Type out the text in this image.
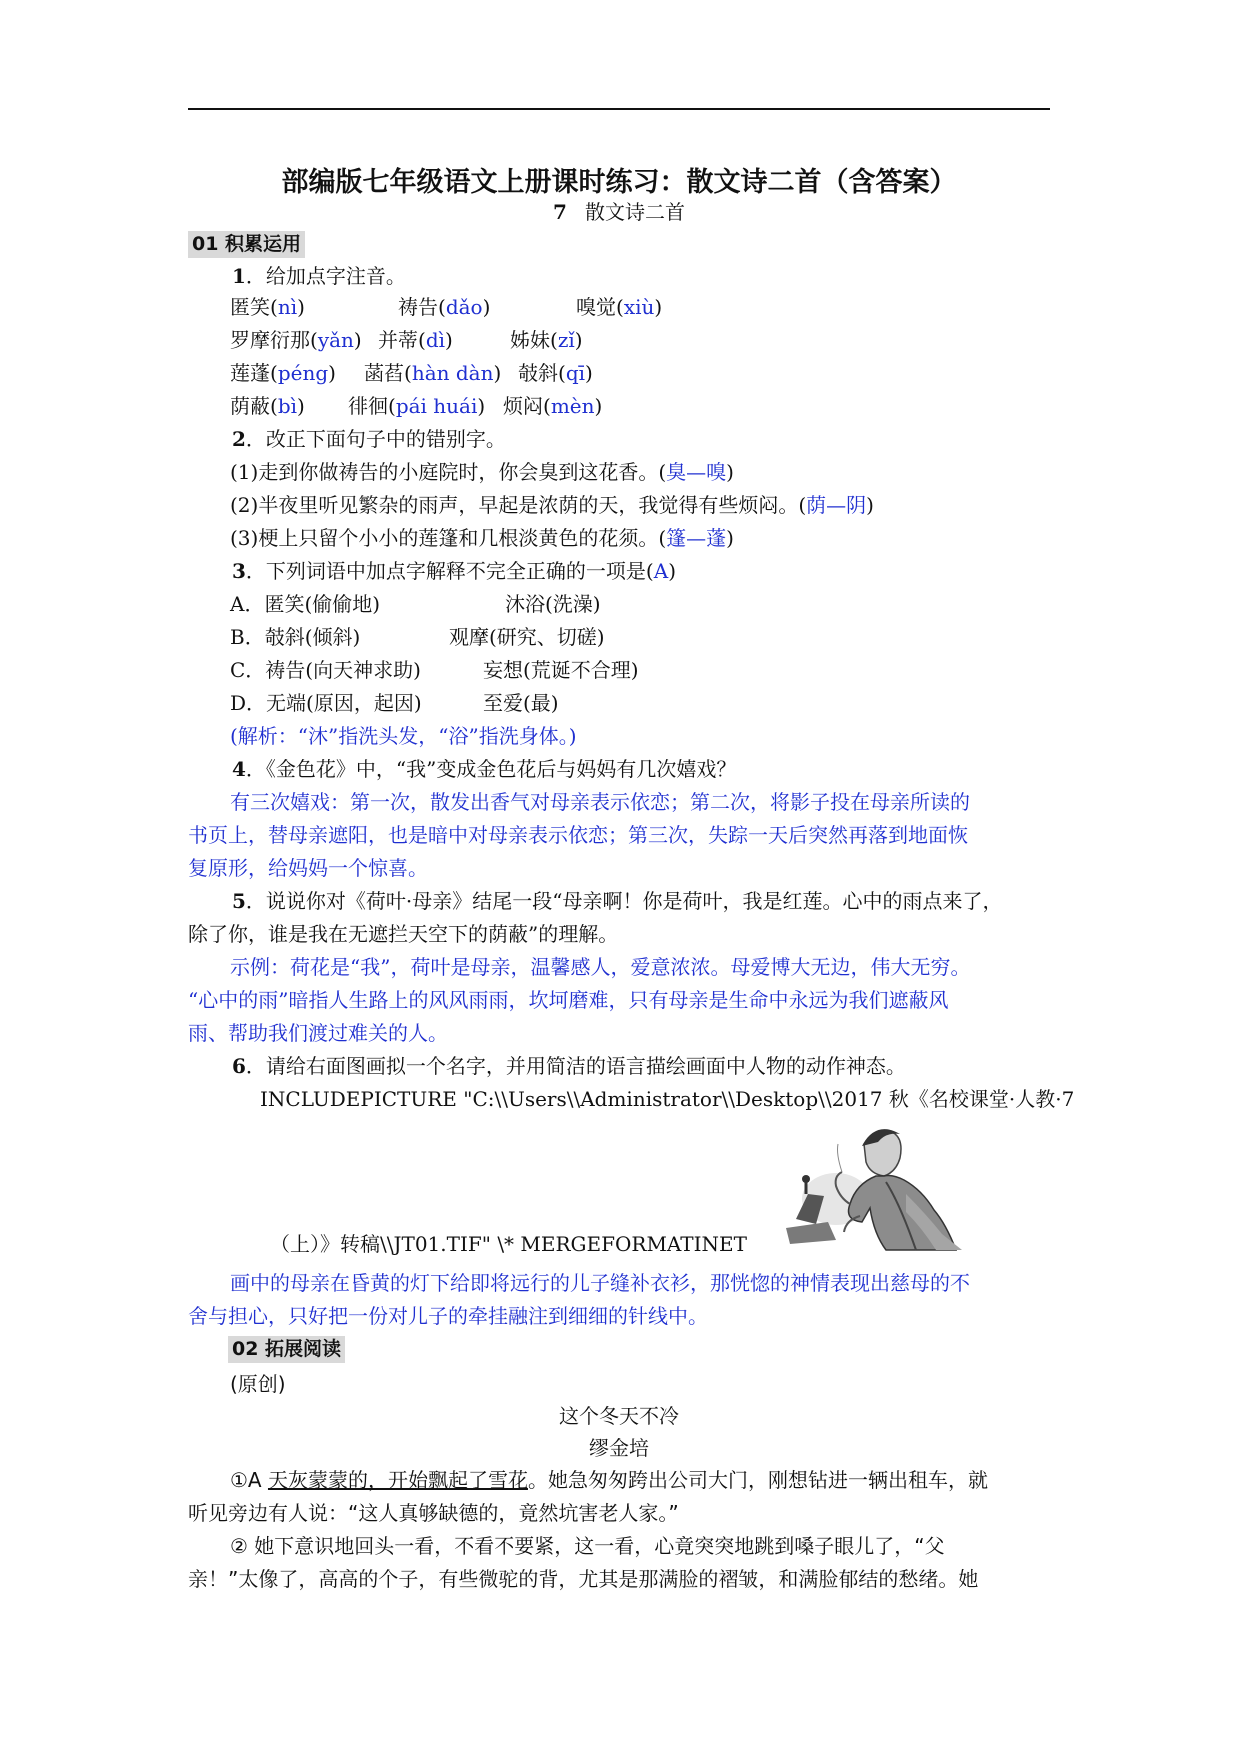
部编版七年级语文上册课时练习：散文诗二首（含答案）
7 散文诗二首
01 积累运用
1．给加点字注音。
匿笑(nì)	祷告(dǎo)	嗅觉(xiù)
罗摩衍那(yǎn) 并蒂(dì)	姊妹(zǐ)
莲蓬(péng) 菡萏(hàn dàn) 攲斜(qī)
荫蔽(bì) 徘徊(pái huái) 烦闷(mèn)
2．改正下面句子中的错别字。
(1)走到你做祷告的小庭院时，你会臭到这花香。(臭—嗅)
(2)半夜里听见繁杂的雨声，早起是浓荫的天，我觉得有些烦闷。(荫—阴)
(3)梗上只留个小小的莲篷和几根淡黄色的花须。(篷—蓬)
3．下列词语中加点字解释不完全正确的一项是(A)
A．匿笑(偷偷地)	沐浴(洗澡)
B．攲斜(倾斜)	观摩(研究、切磋)
C．祷告(向天神求助)	妄想(荒诞不合理)
D．无端(原因，起因)	至爱(最)
(解析：“沐”指洗头发，“浴”指洗身体。)
4．《金色花》中，“我”变成金色花后与妈妈有几次嬉戏？
有三次嬉戏：第一次，散发出香气对母亲表示依恋；第二次，将影子投在母亲所读的
书页上，替母亲遮阳，也是暗中对母亲表示依恋；第三次，失踪一天后突然再落到地面恢
复原形，给妈妈一个惊喜。
5．说说你对《荷叶·母亲》结尾一段“母亲啊！你是荷叶，我是红莲。心中的雨点来了，
除了你，谁是我在无遮拦天空下的荫蔽”的理解。
示例：荷花是“我”，荷叶是母亲，温馨感人，爱意浓浓。母爱博大无边，伟大无穷。
“心中的雨”暗指人生路上的风风雨雨，坎坷磨难，只有母亲是生命中永远为我们遮蔽风
雨、帮助我们渡过难关的人。
6．请给右面图画拟一个名字，并用简洁的语言描绘画面中人物的动作神态。
INCLUDEPICTURE "C:\\Users\\Administrator\\Desktop\\2017 秋《名校课堂·人教·7
（上）》转稿\\JT01.TIF" \* MERGEFORMATINET
画中的母亲在昏黄的灯下给即将远行的儿子缝补衣衫，那恍惚的神情表现出慈母的不
舍与担心，只好把一份对儿子的牵挂融注到细细的针线中。
02 拓展阅读
(原创)
这个冬天不冷
缪金培
①A 天灰蒙蒙的，开始飘起了雪花。她急匆匆跨出公司大门，刚想钻进一辆出租车，就
听见旁边有人说：“这人真够缺德的，竟然坑害老人家。”
② 她下意识地回头一看，不看不要紧，这一看，心竟突突地跳到嗓子眼儿了，“父
亲！”太像了，高高的个子，有些微驼的背，尤其是那满脸的褶皱，和满脸郁结的愁绪。她
